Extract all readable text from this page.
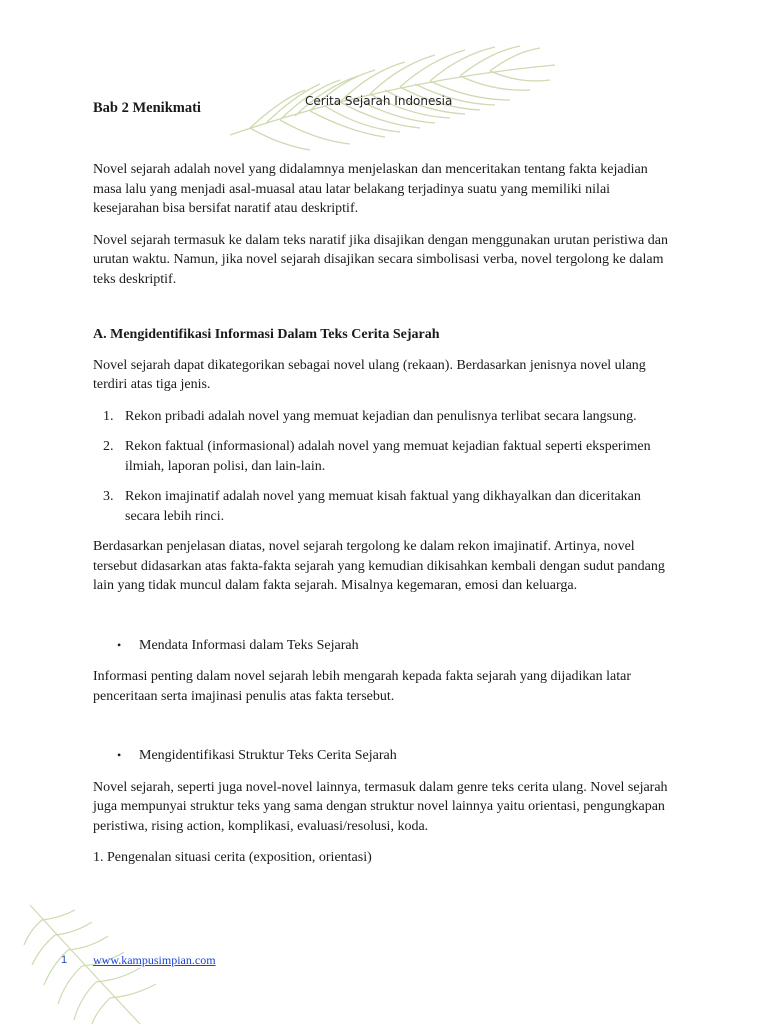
Bab 2 Menikmati	Cerita Sejarah Indonesia

Novel sejarah adalah novel yang didalamnya menjelaskan dan menceritakan tentang fakta kejadian masa lalu yang menjadi asal-muasal atau latar belakang terjadinya suatu yang memiliki nilai kesejarahan bisa bersifat naratif atau deskriptif.

Novel sejarah termasuk ke dalam teks naratif jika disajikan dengan menggunakan urutan peristiwa dan urutan waktu. Namun, jika novel sejarah disajikan secara simbolisasi verba, novel tergolong ke dalam teks deskriptif.

A. Mengidentifikasi Informasi Dalam Teks Cerita Sejarah

Novel sejarah dapat dikategorikan sebagai novel ulang (rekaan). Berdasarkan jenisnya novel ulang terdiri atas tiga jenis.

1. Rekon pribadi adalah novel yang memuat kejadian dan penulisnya terlibat secara langsung.
2. Rekon faktual (informasional) adalah novel yang memuat kejadian faktual seperti eksperimen ilmiah, laporan polisi, dan lain-lain.
3. Rekon imajinatif adalah novel yang memuat kisah faktual yang dikhayalkan dan diceritakan secara lebih rinci.

Berdasarkan penjelasan diatas, novel sejarah tergolong ke dalam rekon imajinatif. Artinya, novel tersebut didasarkan atas fakta-fakta sejarah yang kemudian dikisahkan kembali dengan sudut pandang lain yang tidak muncul dalam fakta sejarah. Misalnya kegemaran, emosi dan keluarga.

• Mendata Informasi dalam Teks Sejarah

Informasi penting dalam novel sejarah lebih mengarah kepada fakta sejarah yang dijadikan latar penceritaan serta imajinasi penulis atas fakta tersebut.

• Mengidentifikasi Struktur Teks Cerita Sejarah

Novel sejarah, seperti juga novel-novel lainnya, termasuk dalam genre teks cerita ulang. Novel sejarah juga mempunyai struktur teks yang sama dengan struktur novel lainnya yaitu orientasi, pengungkapan peristiwa, rising action, komplikasi, evaluasi/resolusi, koda.

1. Pengenalan situasi cerita (exposition, orientasi)

1 www.kampusimpian.com
